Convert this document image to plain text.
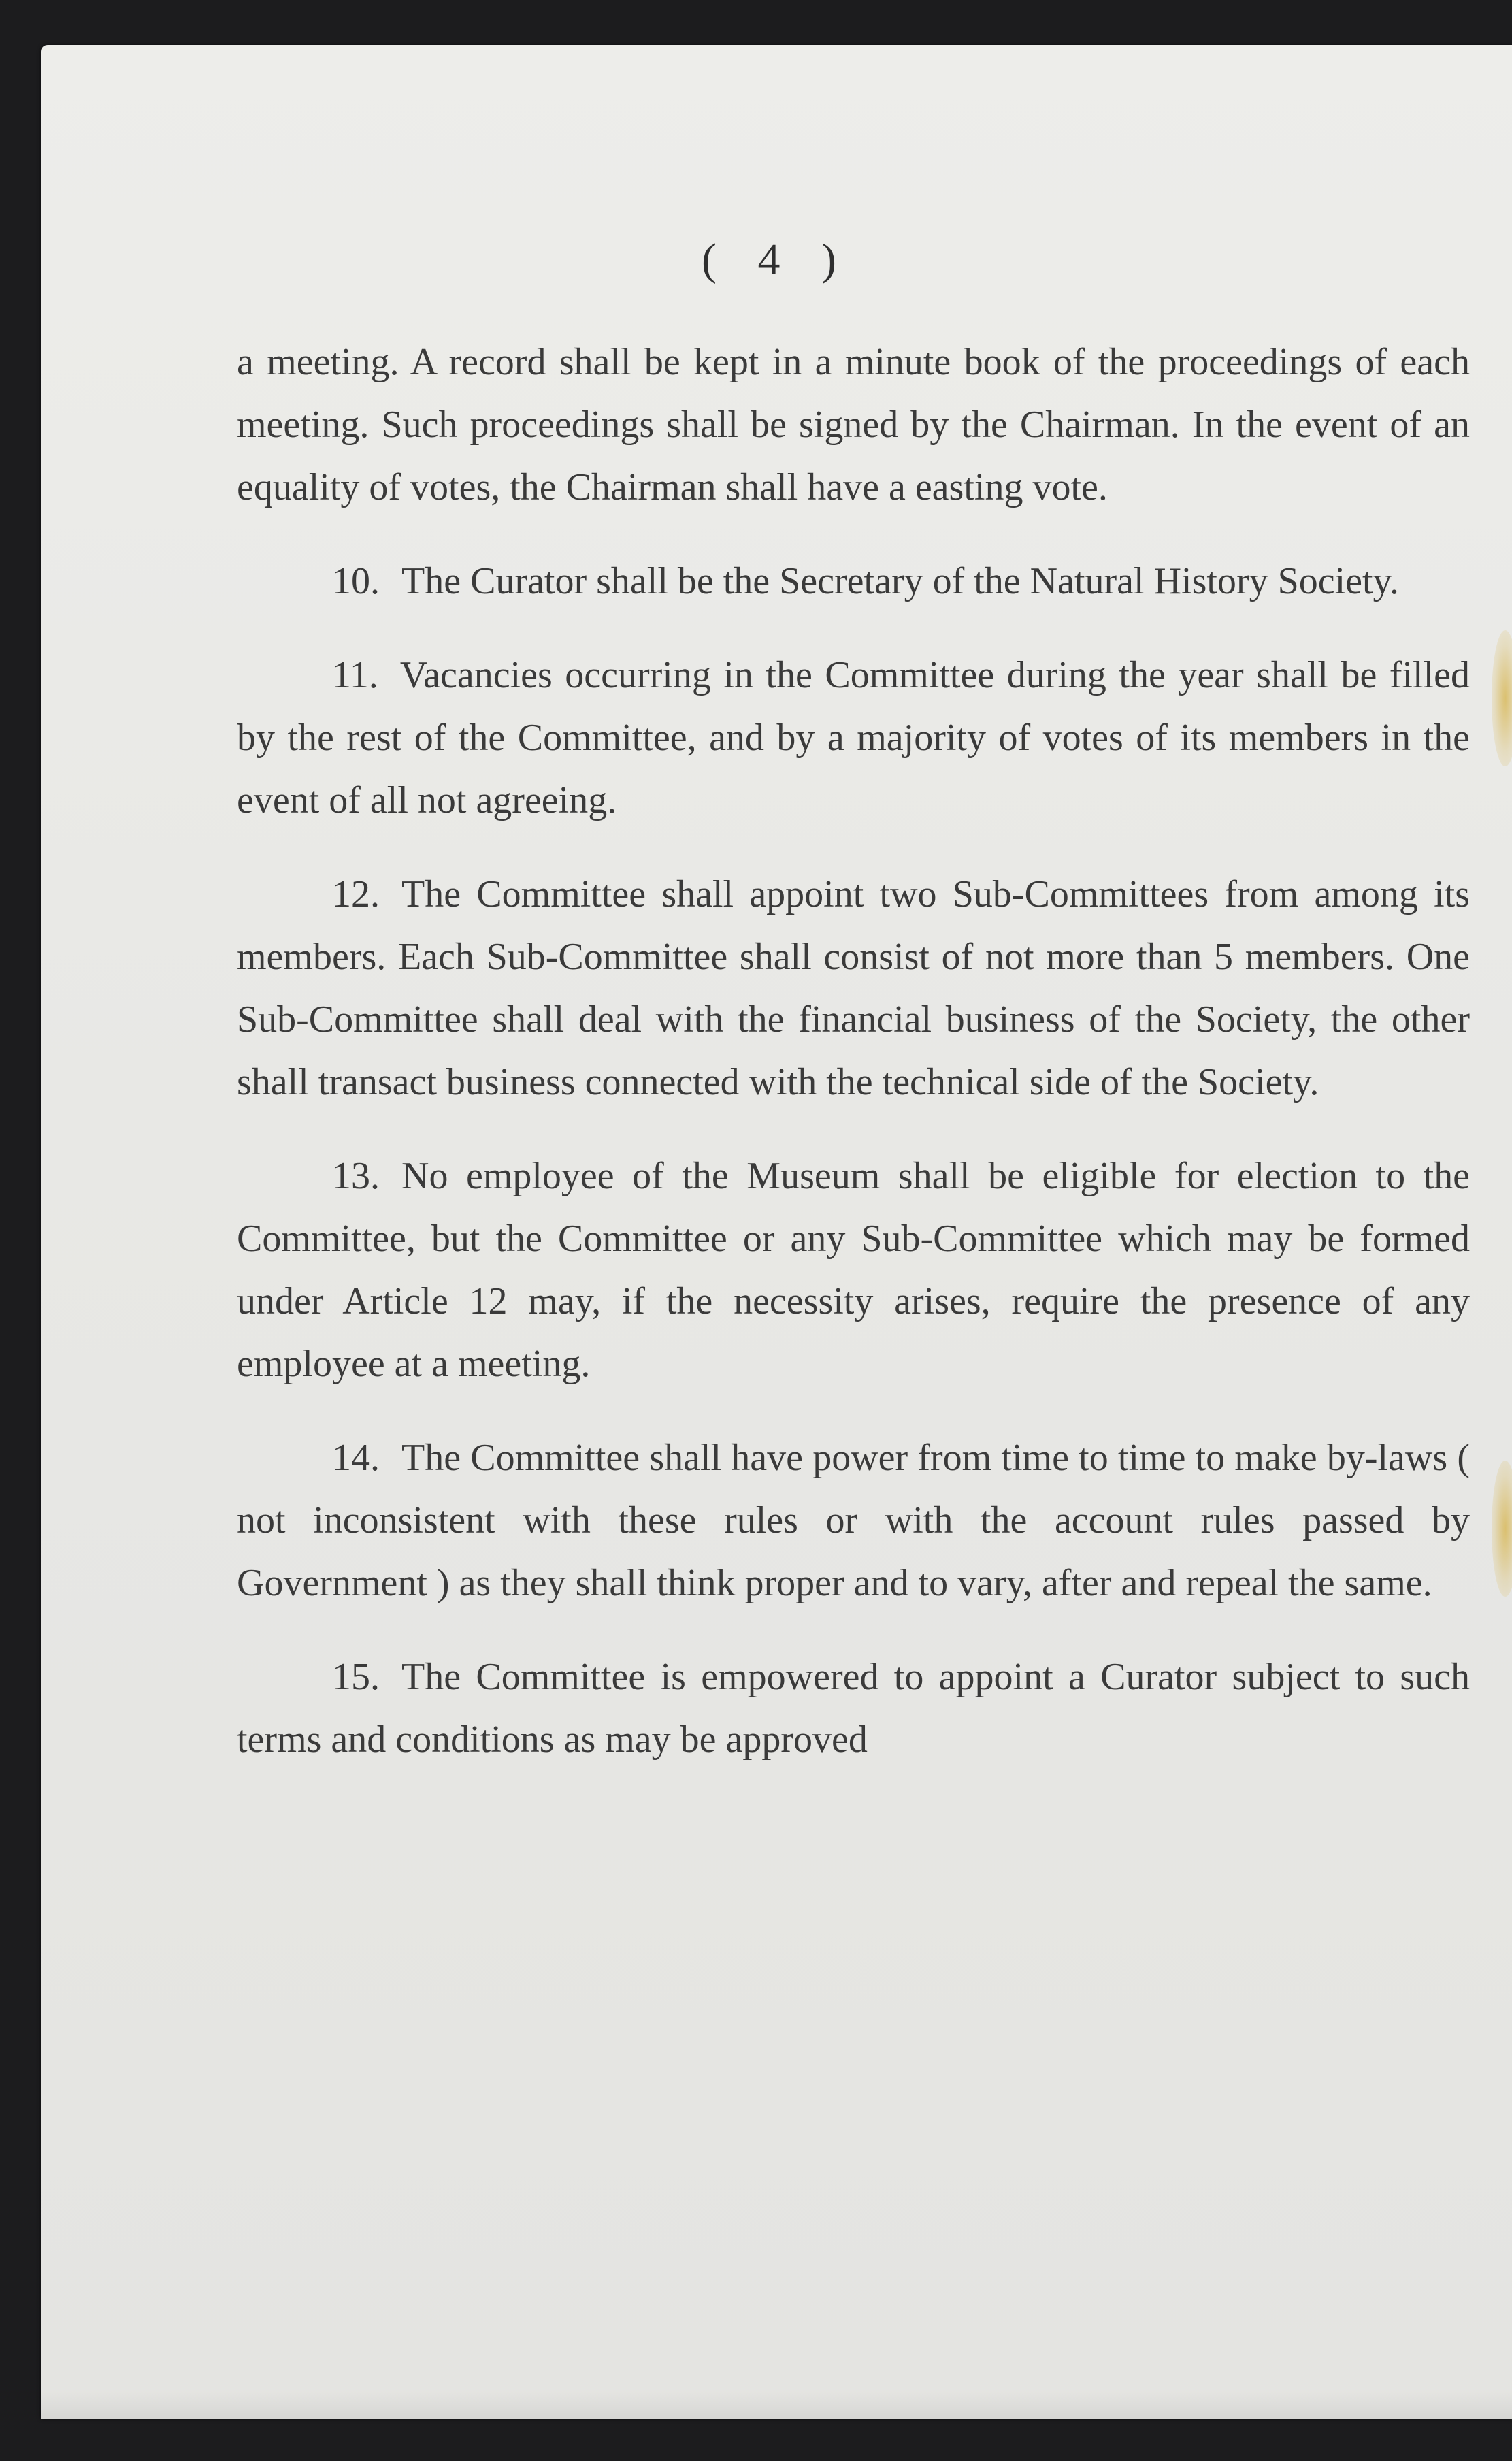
( 4 )

a meeting. A record shall be kept in a minute book of the proceedings of each meeting. Such proceedings shall be signed by the Chairman. In the event of an equality of votes, the Chairman shall have a easting vote.

10. The Curator shall be the Secretary of the Natural History Society.

11. Vacancies occurring in the Committee during the year shall be filled by the rest of the Committee, and by a majority of votes of its members in the event of all not agreeing.

12. The Committee shall appoint two Sub-Committees from among its members. Each Sub-Committee shall consist of not more than 5 members. One Sub-Committee shall deal with the financial business of the Society, the other shall transact business connected with the technical side of the Society.

13. No employee of the Museum shall be eligible for election to the Committee, but the Committee or any Sub-Committee which may be formed under Article 12 may, if the necessity arises, require the presence of any employee at a meeting.

14. The Committee shall have power from time to time to make by-laws ( not inconsistent with these rules or with the account rules passed by Government ) as they shall think proper and to vary, after and repeal the same.

15. The Committee is empowered to appoint a Curator subject to such terms and conditions as may be approved
